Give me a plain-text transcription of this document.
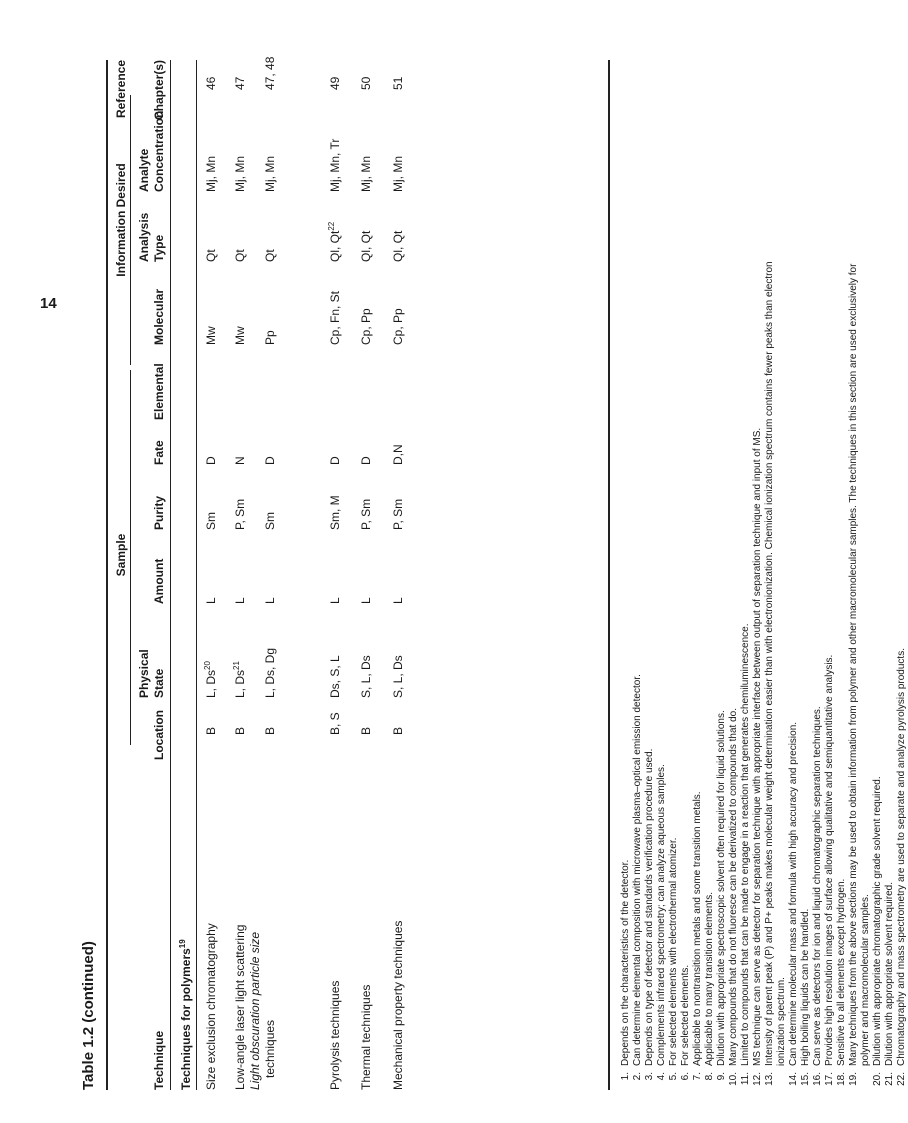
14
Table 1.2 (continued)
Sample
Information Desired
Reference
Technique
Location
Physical State
Amount
Purity
Fate
Elemental
Molecular
Analysis Type
Analyte Concentration
Chapter(s)
Techniques for polymers$^{19}$	Size exclusion chromatography
B
L, Ds$^{20}$
L
Sm
D
Mw
Qt
Mj, Mn
46
Low-angle laser light scattering
B
L, Ds$^{21}$
L
P, Sm
N
Mw
Qt
Mj, Mn
47
Light obscuration particle size techniques
B
L, Ds, Dg
L
Sm
D
Pp
Qt
Mj, Mn
47, 48
Pyrolysis techniques
B, S
Ds, S, L
L
Sm, M
D
Cp, Fn, St
Ql, Qt$^{22}$
Mj, Mn, Tr
49
Thermal techniques
B
S, L, Ds
L
P, Sm
D
Cp, Pp
Ql, Qt
Mj, Mn
50
Mechanical property techniques
B
S, L, Ds
L
P, Sm
D,N
Cp, Pp
Ql, Qt
Mj, Mn
51
1.
Depends on the characteristics of the detector.
2.
Can determine elemental composition with microwave plasma–optical emission detector.
3.
Depends on type of detector and standards verification procedure used.
4.
Complements infrared spectrometry; can analyze aqueous samples.
5.
For selected elements with electrothermal atomizer.
6.
For selected elements.
7.
Applicable to nontransition metals and some transition metals.
8.
Applicable to many transition elements.
9.
Dilution with appropriate spectroscopic solvent often required for liquid solutions.
10.
Many compounds that do not fluoresce can be derivatized to compounds that do.
11.
Limited to compounds that can be made to engage in a reaction that generates chemiluminescence.
12.
MS technique can serve as detector for separation technique with appropriate interface between output of separation technique and input of MS.
13.
Intensity of parent peak (P) and P+ peaks makes molecular weight determination easier than with electronionization. Chemical ionization spectrum contains fewer peaks than electron ionization spectrum.
14.
Can determine molecular mass and formula with high accuracy and precision.
15.
High boiling liquids can be handled.
16.
Can serve as detectors for ion and liquid chromatographic separation techniques.
17.
Provides high resolution images of surface allowing qualitative and semiquantitative analysis.
18.
Sensitive to all elements except hydrogen.
19.
Many techniques from the above sections may be used to obtain information from polymer and other macromolecular samples. The techniques in this section are used exclusively for polymer and macromolecular samples.
20.
Dilution with appropriate chromatographic grade solvent required.
21.
Dilution with appropriate solvent required.
22.
Chromatography and mass spectrometry are used to separate and analyze pyrolysis products.
